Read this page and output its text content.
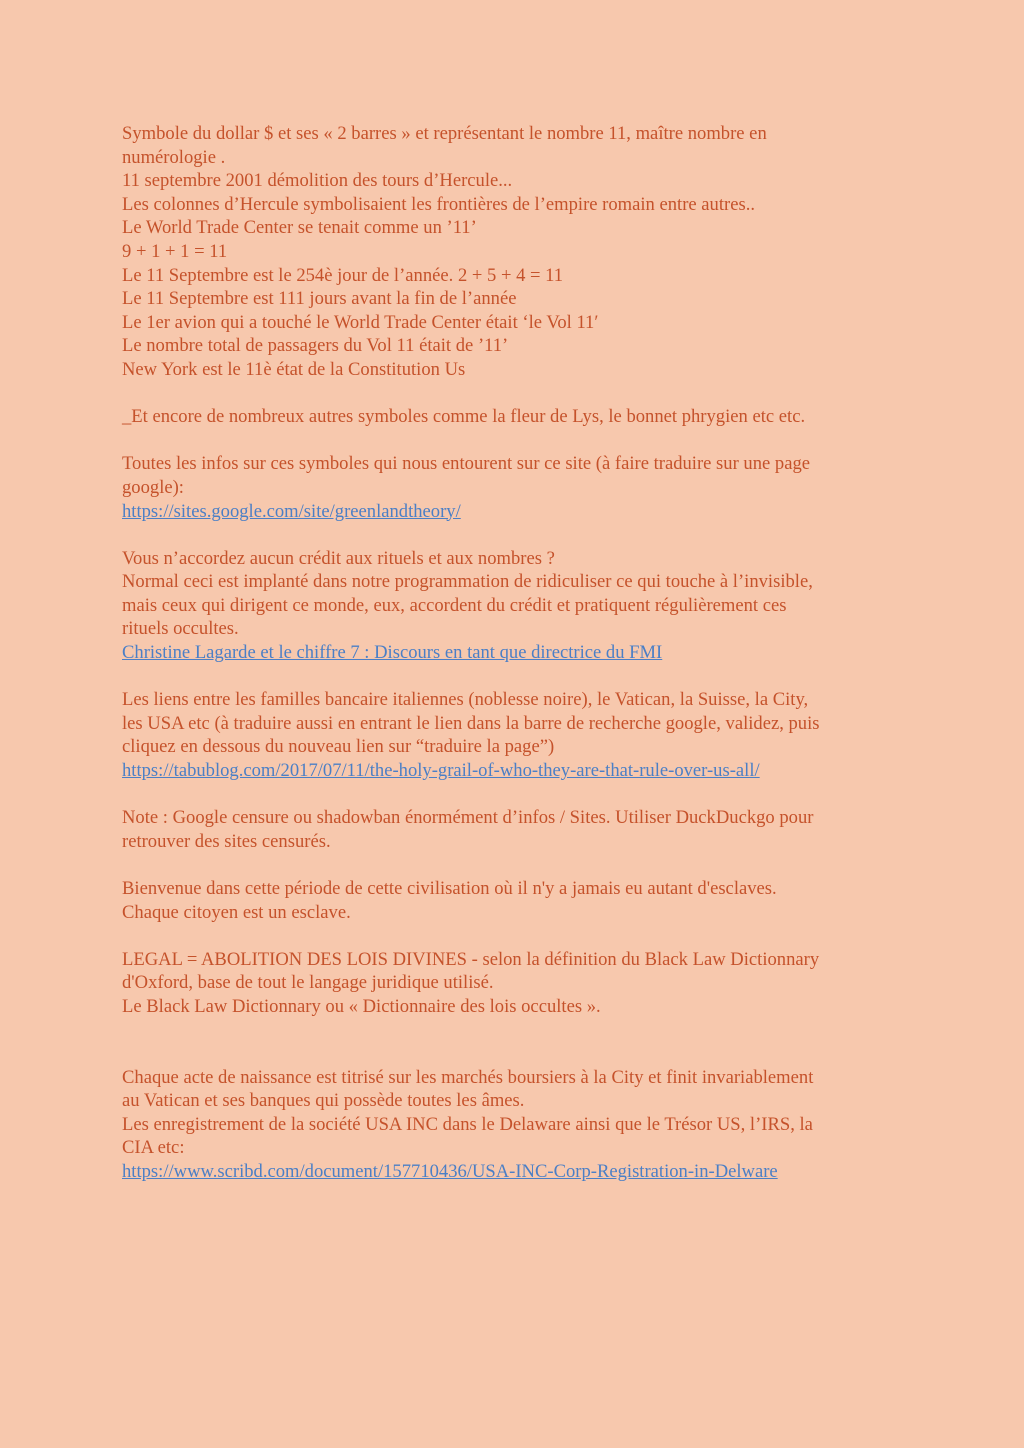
Symbole du dollar $ et ses « 2 barres » et représentant le nombre 11, maître nombre en
numérologie .
11 septembre 2001 démolition des tours d’Hercule...
Les colonnes d’Hercule symbolisaient les frontières de l’empire romain entre autres..
Le World Trade Center se tenait comme un ’11’
9 + 1 + 1 = 11
Le 11 Septembre est le 254è jour de l’année. 2 + 5 + 4 = 11
Le 11 Septembre est 111 jours avant la fin de l’année
Le 1er avion qui a touché le World Trade Center était ‘le Vol 11′
Le nombre total de passagers du Vol 11 était de ’11’
New York est le 11è état de la Constitution Us
_Et encore de nombreux autres symboles comme la fleur de Lys, le bonnet phrygien etc etc.
Toutes les infos sur ces symboles qui nous entourent sur ce site (à faire traduire sur une page
google):
https://sites.google.com/site/greenlandtheory/
Vous n’accordez aucun crédit aux rituels et aux nombres ?
Normal ceci est implanté dans notre programmation de ridiculiser ce qui touche à l’invisible,
mais ceux qui dirigent ce monde, eux, accordent du crédit et pratiquent régulièrement ces
rituels occultes.
Christine Lagarde et le chiffre 7 : Discours en tant que directrice du FMI
Les liens entre les familles bancaire italiennes (noblesse noire), le Vatican, la Suisse, la City,
les USA etc (à traduire aussi en entrant le lien dans la barre de recherche google, validez, puis
cliquez en dessous du nouveau lien sur “traduire la page”)
https://tabublog.com/2017/07/11/the-holy-grail-of-who-they-are-that-rule-over-us-all/
Note : Google censure ou shadowban énormément d’infos / Sites. Utiliser DuckDuckgo pour
retrouver des sites censurés.
Bienvenue dans cette période de cette civilisation où il n'y a jamais eu autant d'esclaves.
Chaque citoyen est un esclave.
LEGAL = ABOLITION DES LOIS DIVINES - selon la définition du Black Law Dictionnary
d'Oxford, base de tout le langage juridique utilisé.
Le Black Law Dictionnary ou « Dictionnaire des lois occultes ».
Chaque acte de naissance est titrisé sur les marchés boursiers à la City et finit invariablement
au Vatican et ses banques qui possède toutes les âmes.
Les enregistrement de la société USA INC dans le Delaware ainsi que le Trésor US, l’IRS, la
CIA etc:
https://www.scribd.com/document/157710436/USA-INC-Corp-Registration-in-Delware
